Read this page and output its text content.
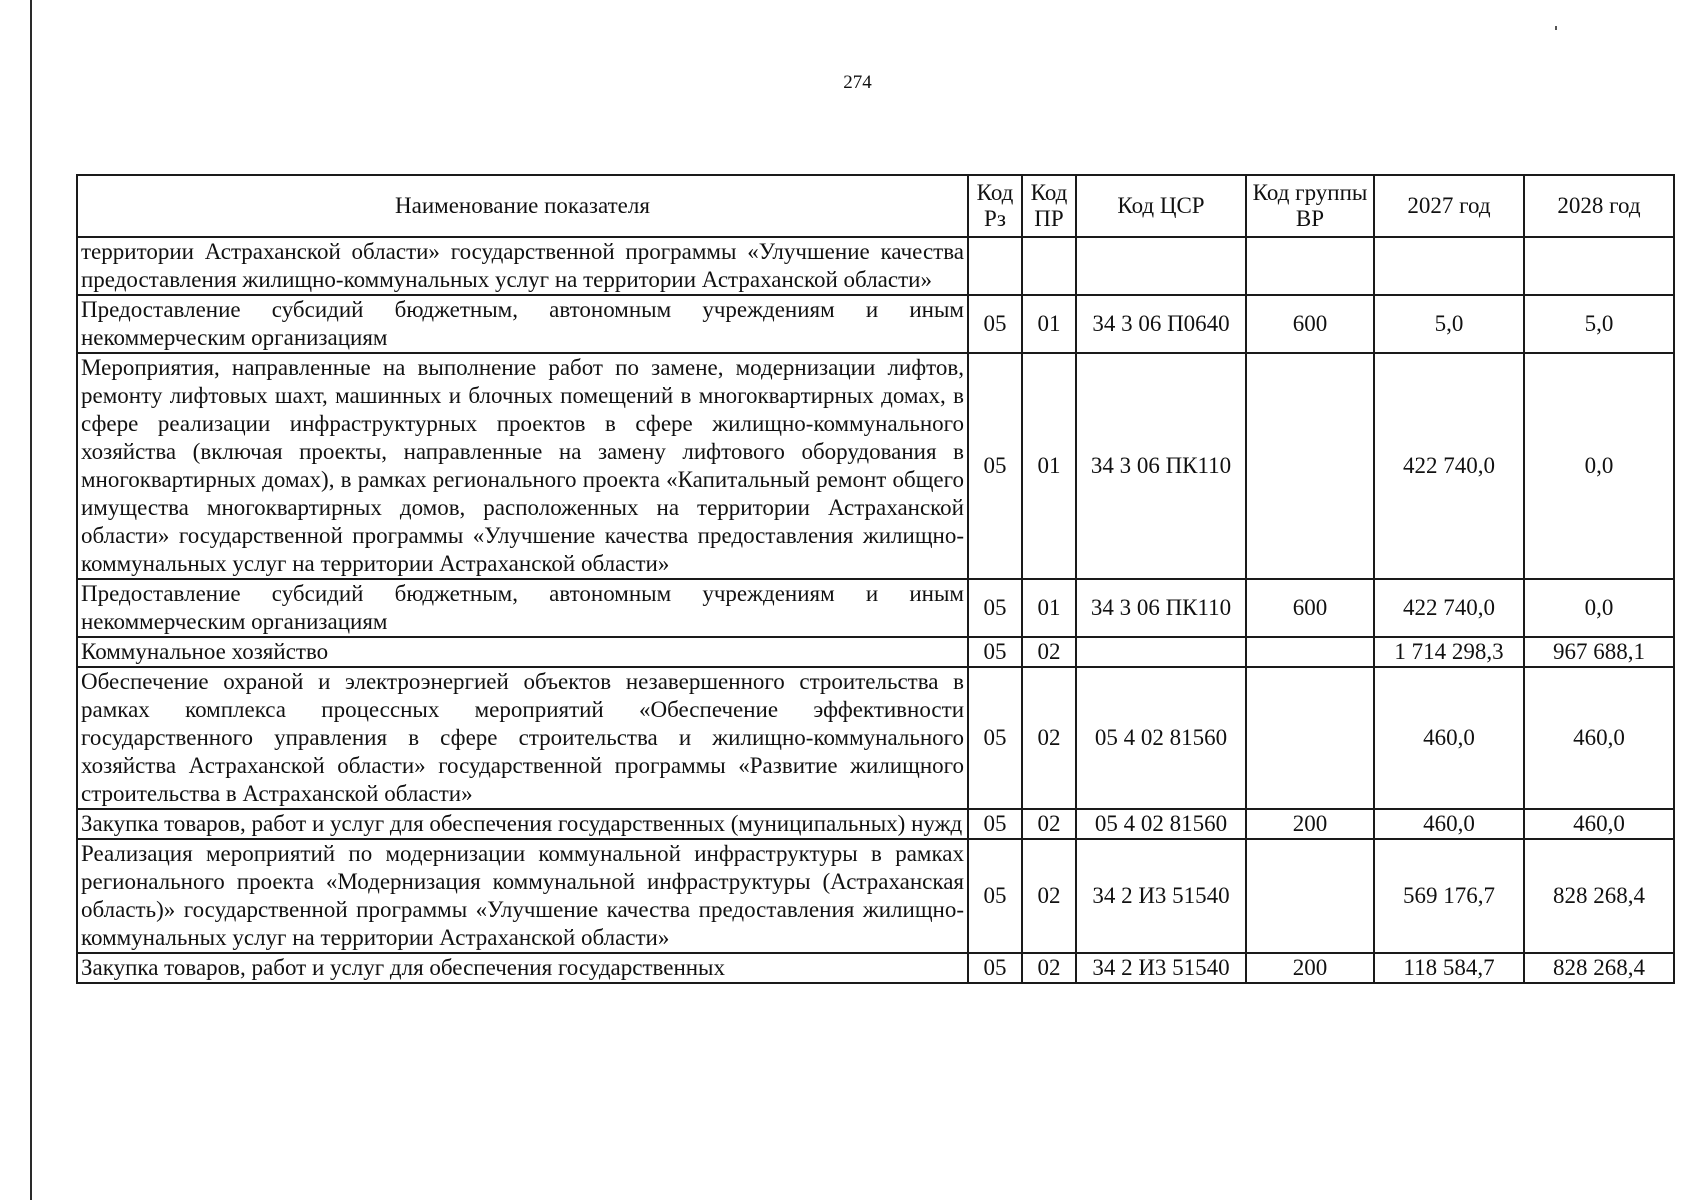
274
Наименование показателя	Код Рз	Код ПР	Код ЦСР	Код группы ВР	2027 год	2028 год
территории Астраханской области» государственной программы «Улучшение качества предоставления жилищно-коммунальных услуг на территории Астраханской области»						
Предоставление субсидий бюджетным, автономным учреждениям и иным некоммерческим организациям	05	01	34 3 06 П0640	600	5,0	5,0
Мероприятия, направленные на выполнение работ по замене, модернизации лифтов, ремонту лифтовых шахт, машинных и блочных помещений в многоквартирных домах, в сфере реализации инфраструктурных проектов в сфере жилищно-коммунального хозяйства (включая проекты, направленные на замену лифтового оборудования в многоквартирных домах), в рамках регионального проекта «Капитальный ремонт общего имущества многоквартирных домов, расположенных на территории Астраханской области» государственной программы «Улучшение качества предоставления жилищно-коммунальных услуг на территории Астраханской области»	05	01	34 3 06 ПК110		422 740,0	0,0
Предоставление субсидий бюджетным, автономным учреждениям и иным некоммерческим организациям	05	01	34 3 06 ПК110	600	422 740,0	0,0
Коммунальное хозяйство	05	02			1 714 298,3	967 688,1
Обеспечение охраной и электроэнергией объектов незавершенного строительства в рамках комплекса процессных мероприятий «Обеспечение эффективности государственного управления в сфере строительства и жилищно-коммунального хозяйства Астраханской области» государственной программы «Развитие жилищного строительства в Астраханской области»	05	02	05 4 02 81560		460,0	460,0
Закупка товаров, работ и услуг для обеспечения государственных (муниципальных) нужд	05	02	05 4 02 81560	200	460,0	460,0
Реализация мероприятий по модернизации коммунальной инфраструктуры в рамках регионального проекта «Модернизация коммунальной инфраструктуры (Астраханская область)» государственной программы «Улучшение качества предоставления жилищно-коммунальных услуг на территории Астраханской области»	05	02	34 2 И3 51540		569 176,7	828 268,4
Закупка товаров, работ и услуг для обеспечения государственных	05	02	34 2 И3 51540	200	118 584,7	828 268,4
